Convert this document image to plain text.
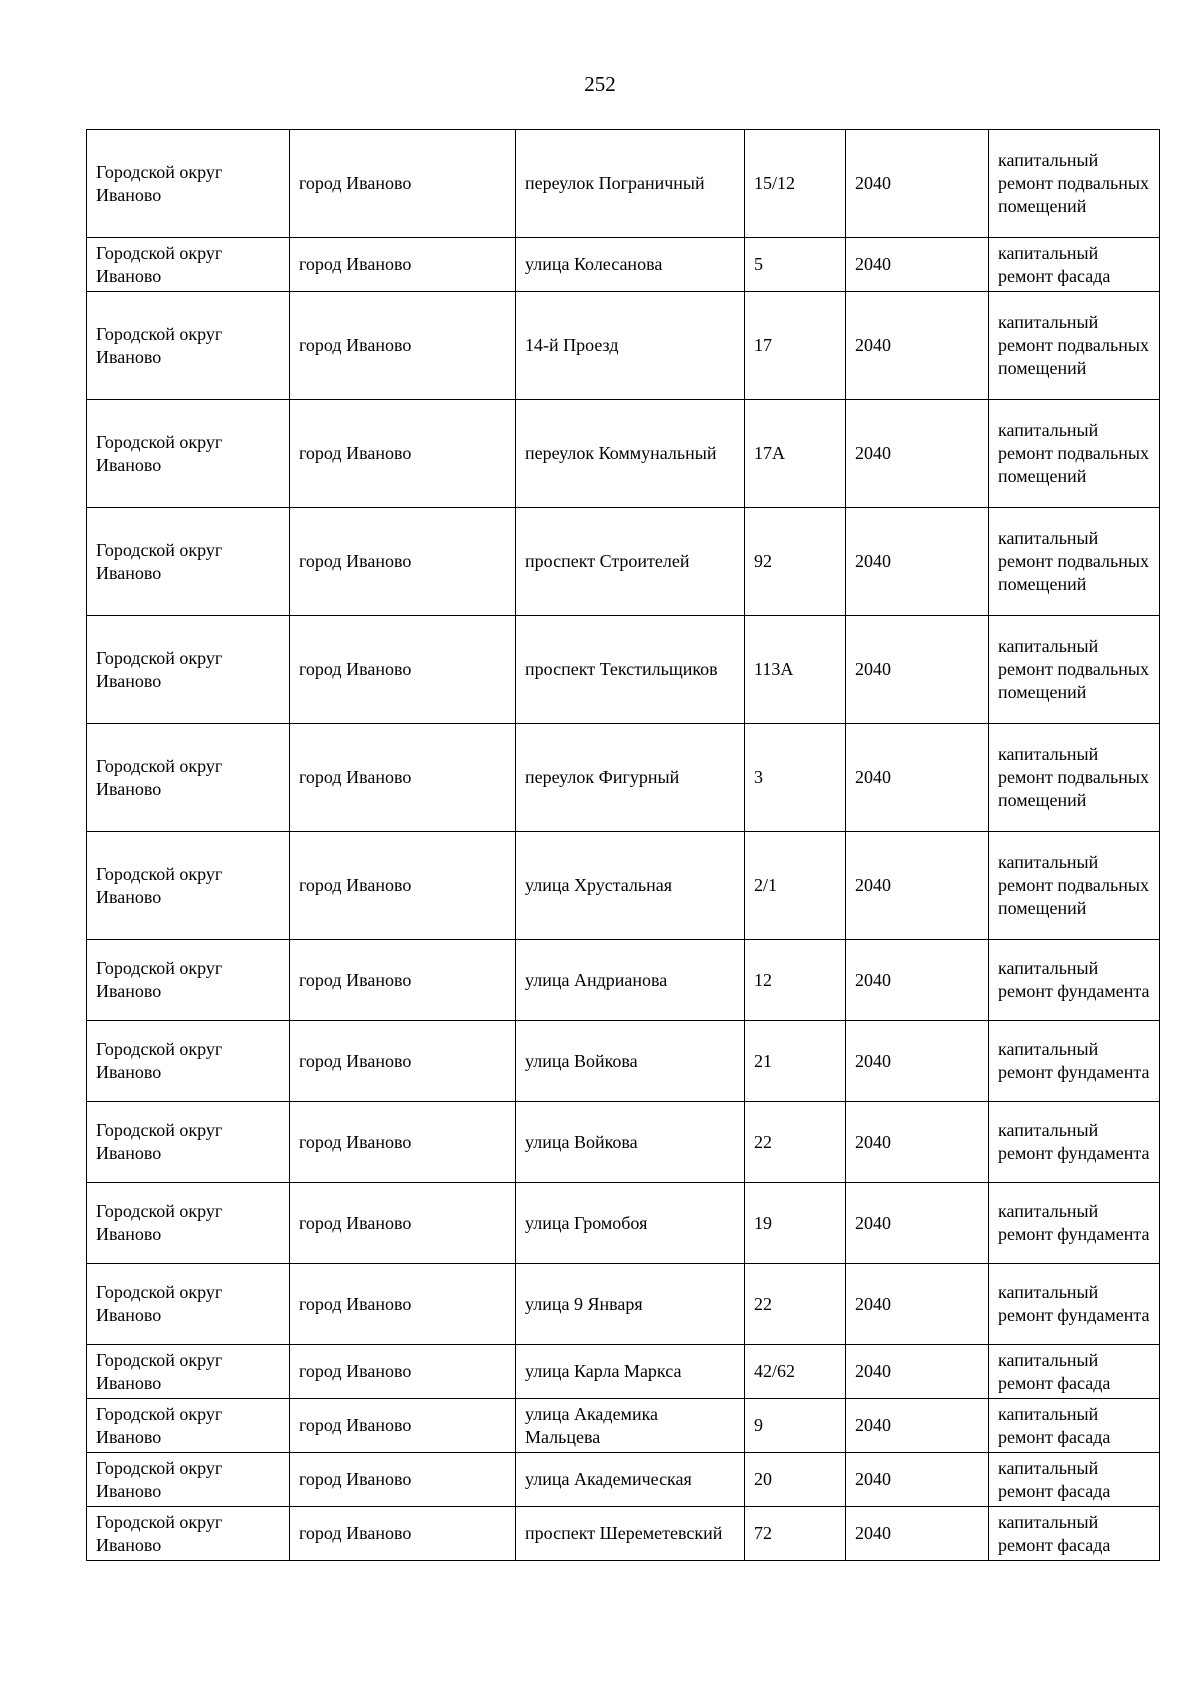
252
Городской округ Иваново	город Иваново	переулок Пограничный	15/12	2040	капитальный ремонт подвальных помещений
Городской округ Иваново	город Иваново	улица Колесанова	5	2040	капитальный ремонт фасада
Городской округ Иваново	город Иваново	14-й Проезд	17	2040	капитальный ремонт подвальных помещений
Городской округ Иваново	город Иваново	переулок Коммунальный	17А	2040	капитальный ремонт подвальных помещений
Городской округ Иваново	город Иваново	проспект Строителей	92	2040	капитальный ремонт подвальных помещений
Городской округ Иваново	город Иваново	проспект Текстильщиков	113А	2040	капитальный ремонт подвальных помещений
Городской округ Иваново	город Иваново	переулок Фигурный	3	2040	капитальный ремонт подвальных помещений
Городской округ Иваново	город Иваново	улица Хрустальная	2/1	2040	капитальный ремонт подвальных помещений
Городской округ Иваново	город Иваново	улица Андрианова	12	2040	капитальный ремонт фундамента
Городской округ Иваново	город Иваново	улица Войкова	21	2040	капитальный ремонт фундамента
Городской округ Иваново	город Иваново	улица Войкова	22	2040	капитальный ремонт фундамента
Городской округ Иваново	город Иваново	улица Громобоя	19	2040	капитальный ремонт фундамента
Городской округ Иваново	город Иваново	улица 9 Января	22	2040	капитальный ремонт фундамента
Городской округ Иваново	город Иваново	улица Карла Маркса	42/62	2040	капитальный ремонт фасада
Городской округ Иваново	город Иваново	улица Академика Мальцева	9	2040	капитальный ремонт фасада
Городской округ Иваново	город Иваново	улица Академическая	20	2040	капитальный ремонт фасада
Городской округ Иваново	город Иваново	проспект Шереметевский	72	2040	капитальный ремонт фасада
